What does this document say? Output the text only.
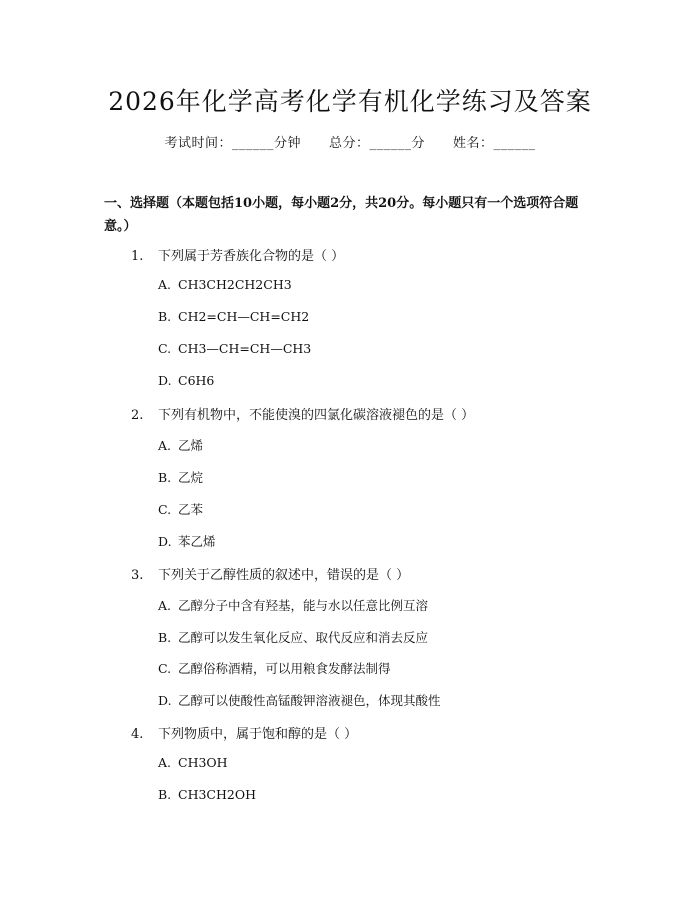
2026年化学高考化学有机化学练习及答案
考试时间：______分钟 总分：______分 姓名：______
一、选择题（本题包括10小题，每小题2分，共20分。每小题只有一个选项符合题意。）
1. 下列属于芳香族化合物的是（ ）
A. CH3CH2CH2CH3
B. CH2=CH—CH=CH2
C. CH3—CH=CH—CH3
D. C6H6
2. 下列有机物中，不能使溴的四氯化碳溶液褪色的是（ ）
A. 乙烯
B. 乙烷
C. 乙苯
D. 苯乙烯
3. 下列关于乙醇性质的叙述中，错误的是（ ）
A. 乙醇分子中含有羟基，能与水以任意比例互溶
B. 乙醇可以发生氧化反应、取代反应和消去反应
C. 乙醇俗称酒精，可以用粮食发酵法制得
D. 乙醇可以使酸性高锰酸钾溶液褪色，体现其酸性
4. 下列物质中，属于饱和醇的是（ ）
A. CH3OH
B. CH3CH2OH
